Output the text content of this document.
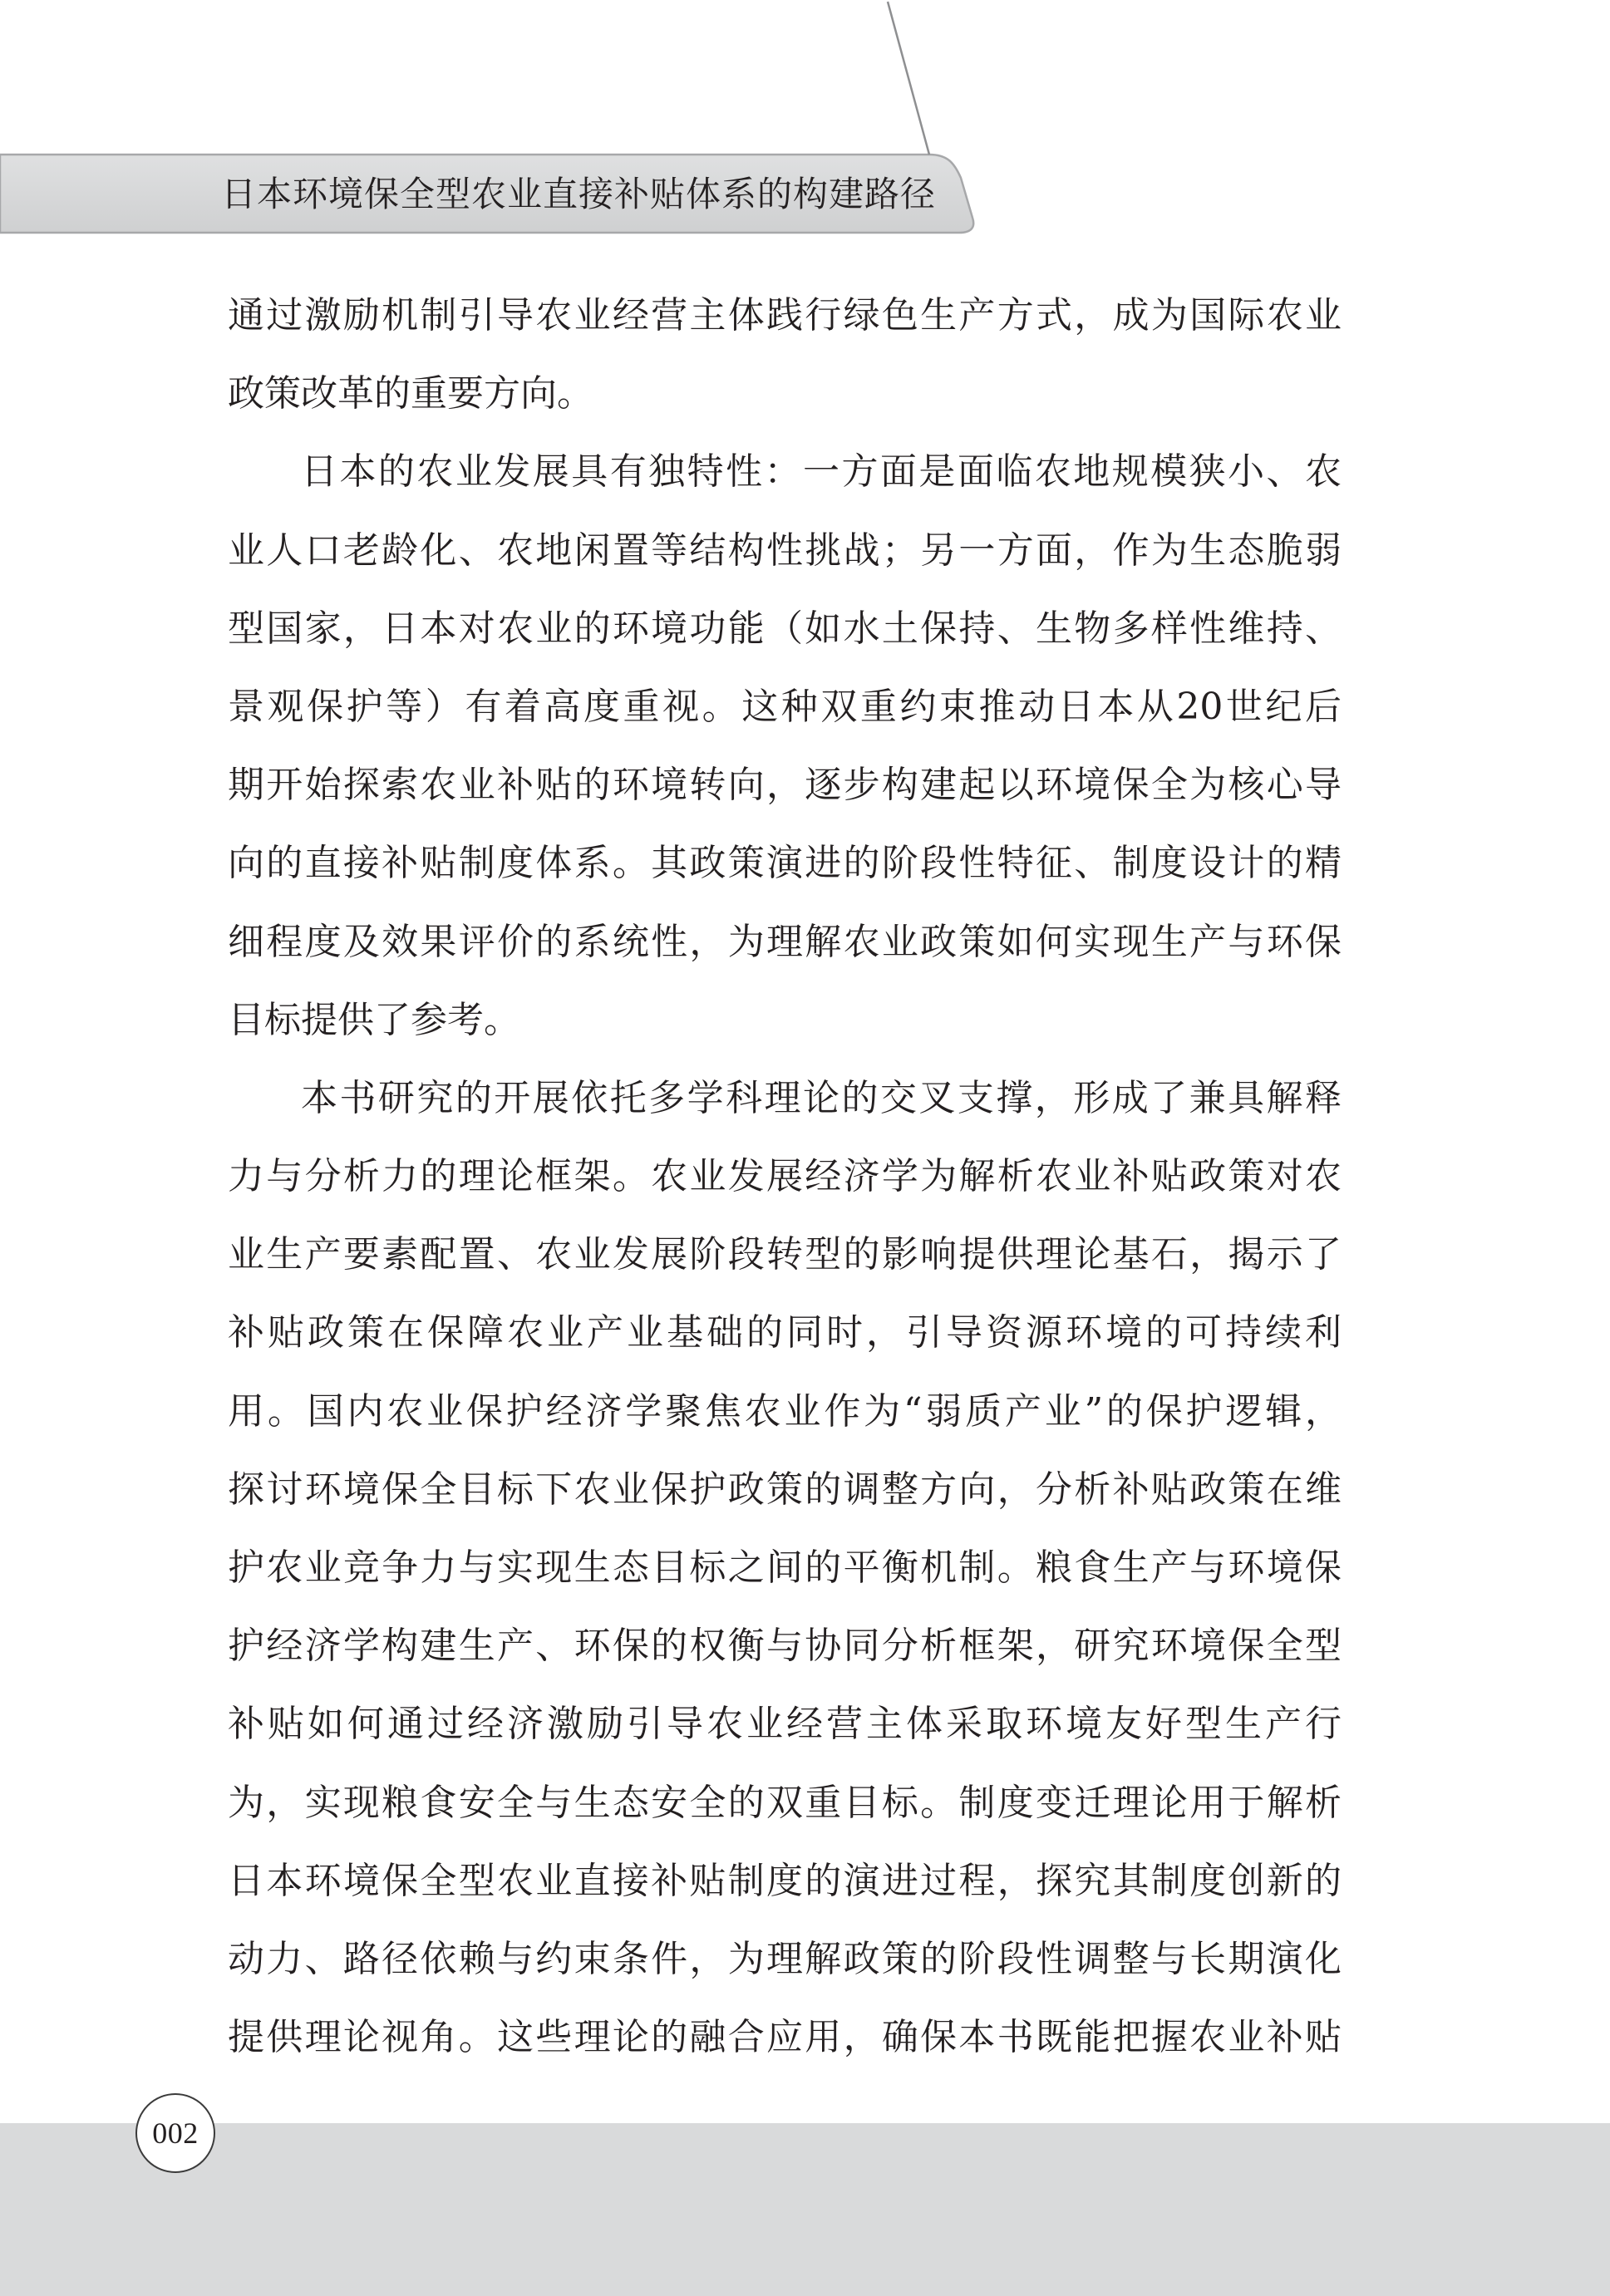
日本环境保全型农业直接补贴体系的构建路径
通过激励机制引导农业经营主体践行绿色生产方式，成为国际农业
政策改革的重要方向。
日本的农业发展具有独特性：一方面是面临农地规模狭小、农
业人口老龄化、农地闲置等结构性挑战；另一方面，作为生态脆弱
型国家，日本对农业的环境功能（如水土保持、生物多样性维持、
景观保护等）有着高度重视。这种双重约束推动日本从20世纪后
期开始探索农业补贴的环境转向，逐步构建起以环境保全为核心导
向的直接补贴制度体系。其政策演进的阶段性特征、制度设计的精
细程度及效果评价的系统性，为理解农业政策如何实现生产与环保
目标提供了参考。
本书研究的开展依托多学科理论的交叉支撑，形成了兼具解释
力与分析力的理论框架。农业发展经济学为解析农业补贴政策对农
业生产要素配置、农业发展阶段转型的影响提供理论基石，揭示了
补贴政策在保障农业产业基础的同时，引导资源环境的可持续利
用。国内农业保护经济学聚焦农业作为“弱质产业”的保护逻辑，
探讨环境保全目标下农业保护政策的调整方向，分析补贴政策在维
护农业竞争力与实现生态目标之间的平衡机制。粮食生产与环境保
护经济学构建生产、环保的权衡与协同分析框架，研究环境保全型
补贴如何通过经济激励引导农业经营主体采取环境友好型生产行
为，实现粮食安全与生态安全的双重目标。制度变迁理论用于解析
日本环境保全型农业直接补贴制度的演进过程，探究其制度创新的
动力、路径依赖与约束条件，为理解政策的阶段性调整与长期演化
提供理论视角。这些理论的融合应用，确保本书既能把握农业补贴
002
